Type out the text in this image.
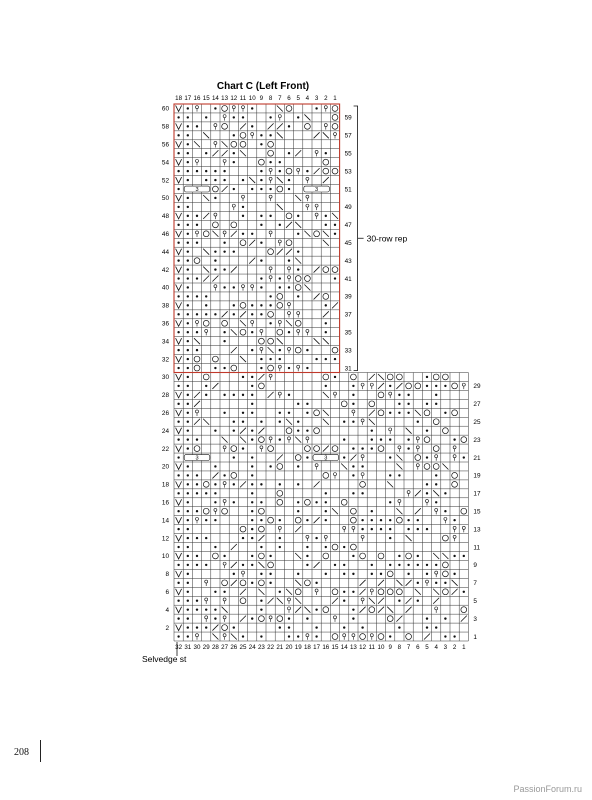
Chart C (Left Front)
3	3
3	3
18 17 16 15 14 13 12 11 10 9 8 7 6 5 4 3 2 1
32 31 30 29 28 27 26 25 24 23 22 21 20 19 18 17 16 15 14 13 12 11 10 9 8 7 6 5 4 3 2 1
60
58
56
54
52
50
48
46
44
42
40
38
36
34
32
30
28
26
24
22
20
18
16
14
12
10
8
6
4
2
59
57
55
53
51
49
47
45
43
41
39
37
35
33
31
29
27
25
23
21
19
17
15
13
11
9
7
5
3
1
30-row rep
Selvedge st
208
PassionForum.ru
